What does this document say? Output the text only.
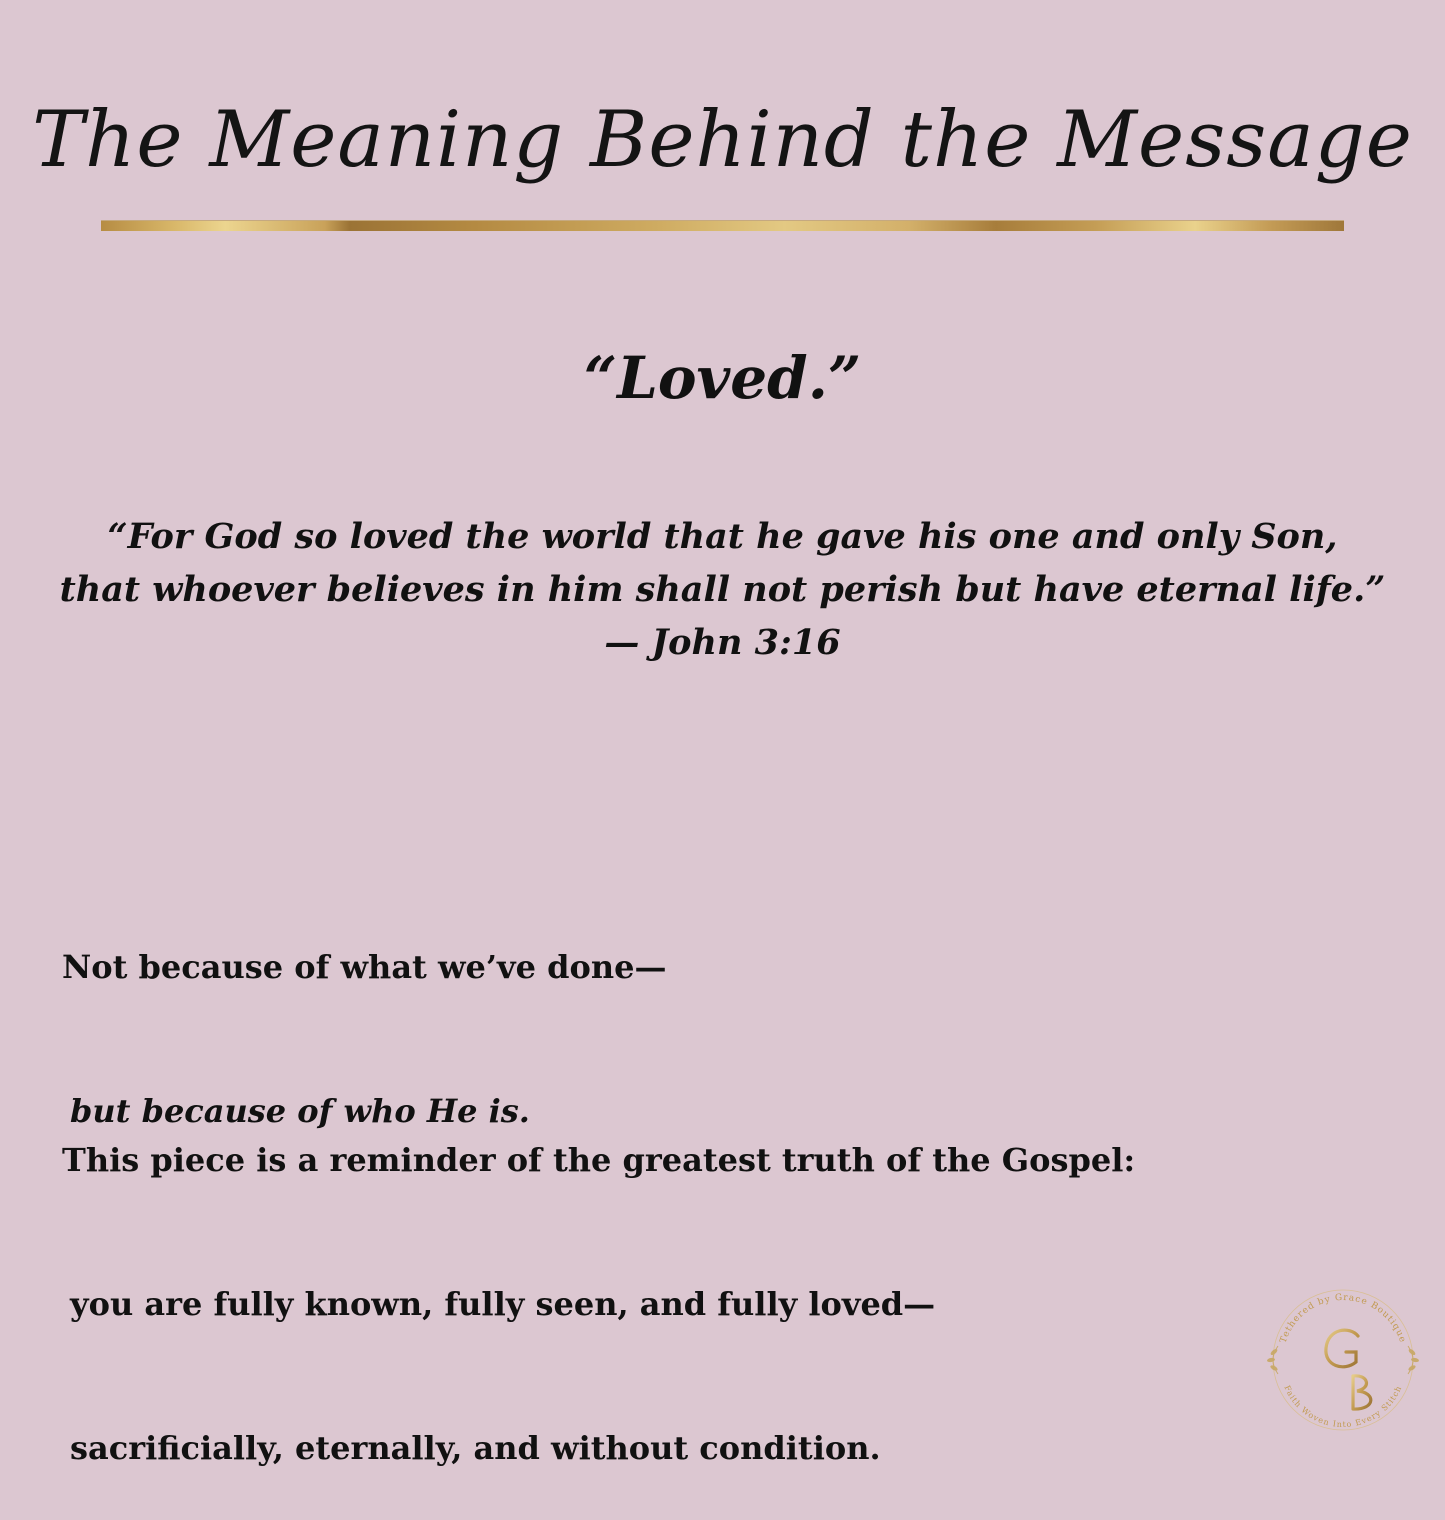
The Meaning Behind the Message
“Loved.”
“For God so loved the world that he gave his one and only Son,
that whoever believes in him shall not perish but have eternal life.”
— John 3:16

Not because of what we’ve done—

but because of who He is.

This piece is a reminder of the greatest truth of the Gospel:

you are fully known, fully seen, and fully loved—

sacrificially, eternally, and without condition.

Tethered by Grace Boutique
Faith Woven Into Every Stitch
